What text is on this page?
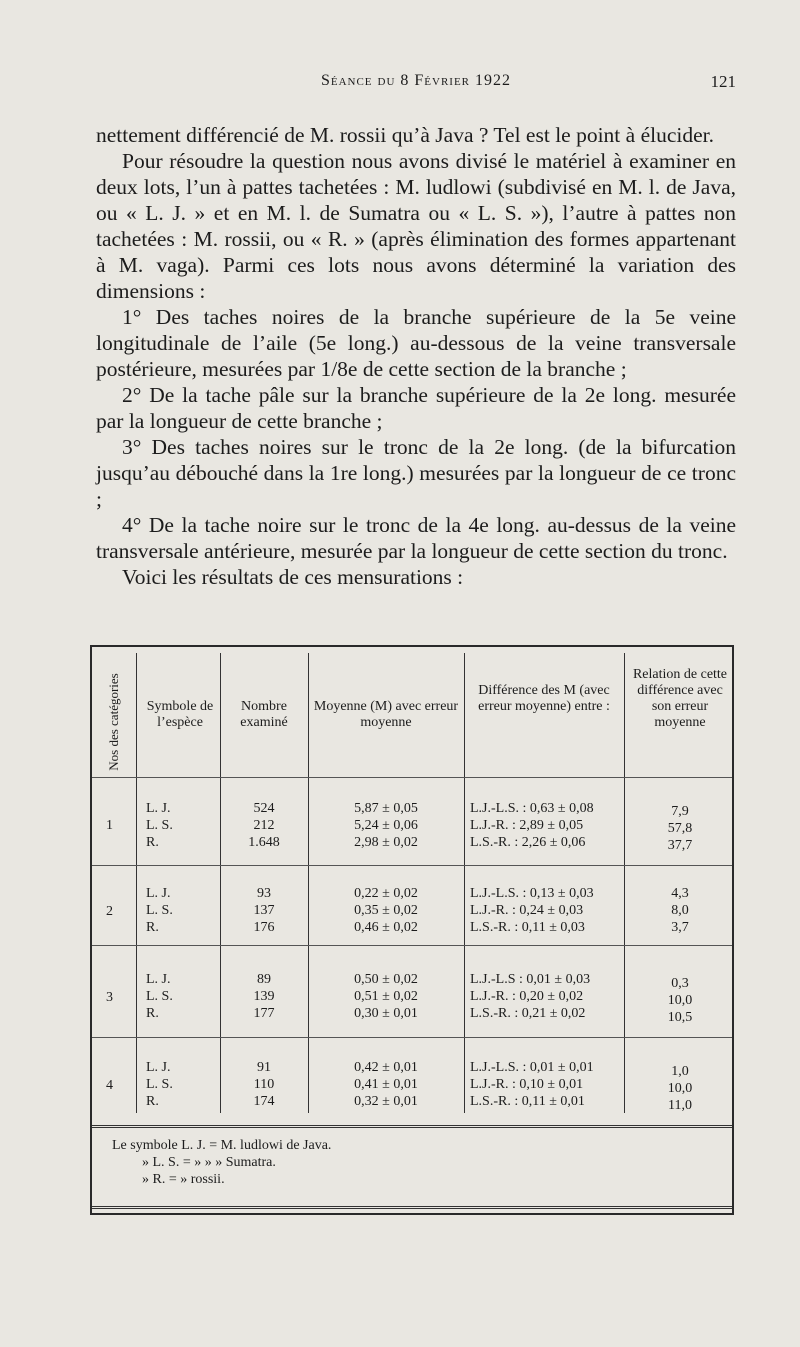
Séance du 8 Février 1922	121

nettement différencié de M. rossii qu’à Java ? Tel est le point à élucider.

Pour résoudre la question nous avons divisé le matériel à examiner en deux lots, l’un à pattes tachetées : M. ludlowi (subdivisé en M. l. de Java, ou « L. J. » et en M. l. de Sumatra ou « L. S. »), l’autre à pattes non tachetées : M. rossii, ou « R. » (après élimination des formes appartenant à M. vaga). Parmi ces lots nous avons déterminé la variation des dimensions :

1° Des taches noires de la branche supérieure de la 5e veine longitudinale de l’aile (5e long.) au-dessous de la veine transversale postérieure, mesurées par 1/8e de cette section de la branche ;

2° De la tache pâle sur la branche supérieure de la 2e long. mesurée par la longueur de cette branche ;

3° Des taches noires sur le tronc de la 2e long. (de la bifurcation jusqu’au débouché dans la 1re long.) mesurées par la longueur de ce tronc ;

4° De la tache noire sur le tronc de la 4e long. au-dessus de la veine transversale antérieure, mesurée par la longueur de cette section du tronc.

Voici les résultats de ces mensurations :

Nos des catégories Symbole de l’espèce
Nombre examiné
Moyenne (M) avec erreur moyenne
Différence des M (avec erreur moyenne) entre :
Relation de cette différence avec son erreur moyenne
1
L. J.
L. S.
R.
524
212
1.648
5,87 ± 0,05
5,24 ± 0,06
2,98 ± 0,02
L.J.-L.S. : 0,63 ± 0,08
L.J.-R. : 2,89 ± 0,05
L.S.-R. : 2,26 ± 0,06
7,9
57,8
37,7
2
L. J.
L. S.
R.
93
137
176
0,22 ± 0,02
0,35 ± 0,02
0,46 ± 0,02
L.J.-L.S. : 0,13 ± 0,03
L.J.-R. : 0,24 ± 0,03
L.S.-R. : 0,11 ± 0,03
4,3
8,0
3,7
3
L. J.
L. S.
R.
89
139
177
0,50 ± 0,02
0,51 ± 0,02
0,30 ± 0,01
L.J.-L.S : 0,01 ± 0,03
L.J.-R. : 0,20 ± 0,02
L.S.-R. : 0,21 ± 0,02
0,3
10,0
10,5
4
L. J.
L. S.
R.
91
110
174
0,42 ± 0,01
0,41 ± 0,01
0,32 ± 0,01
L.J.-L.S. : 0,01 ± 0,01
L.J.-R. : 0,10 ± 0,01
L.S.-R. : 0,11 ± 0,01
1,0
10,0
11,0
Le symbole L. J. = M. ludlowi de Java.
» L. S. = » » » Sumatra.
» R. = » rossii.
